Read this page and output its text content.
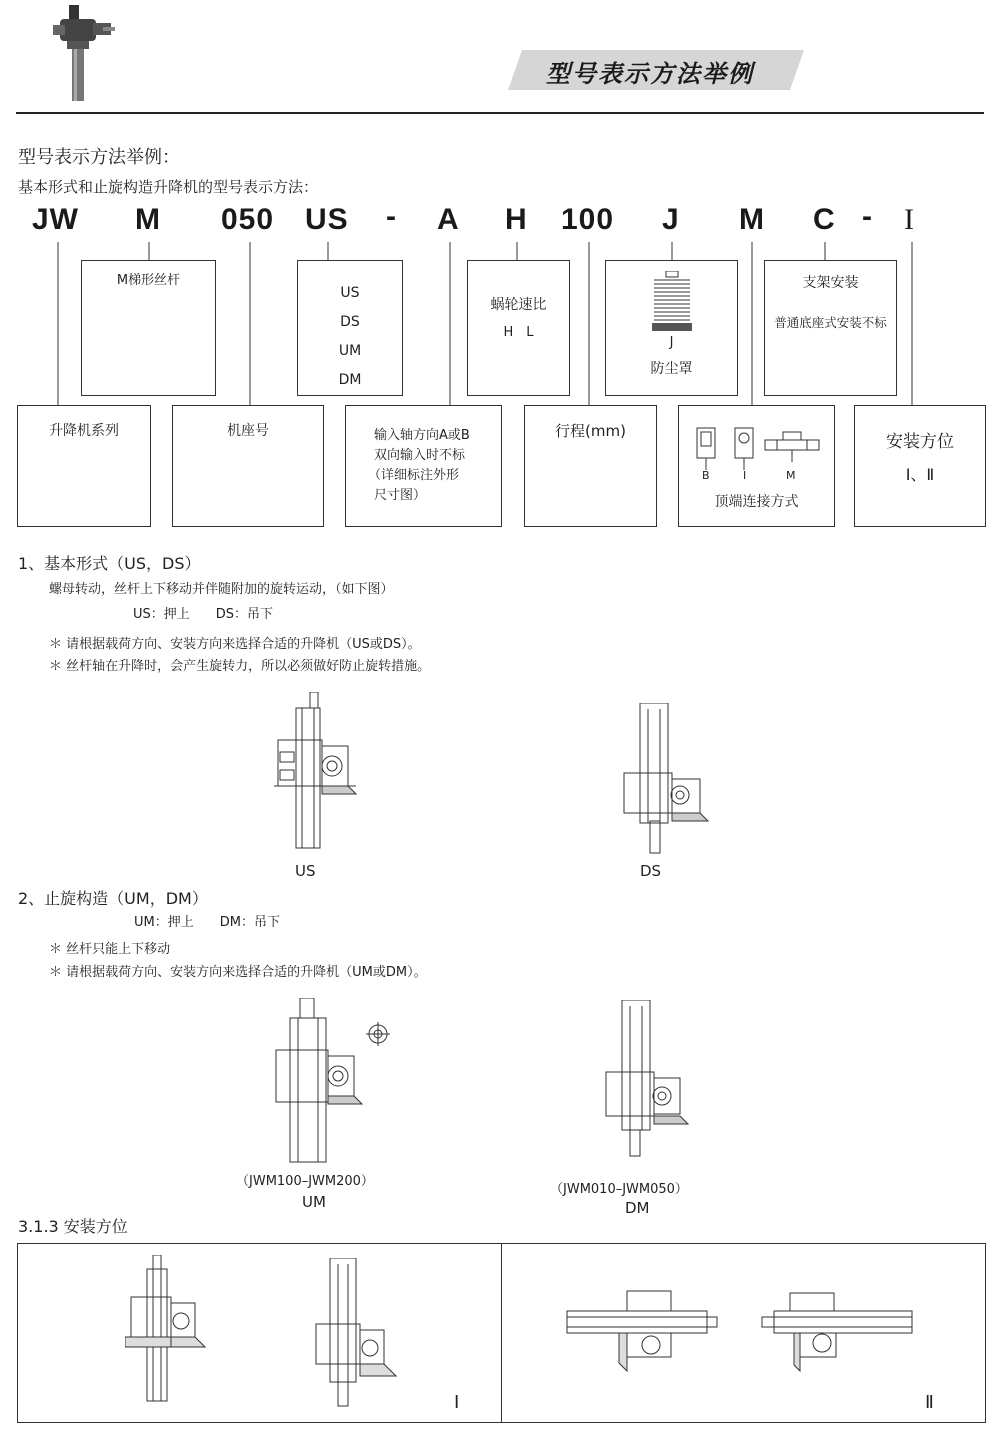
型号表示方法举例
型号表示方法举例：
基本形式和止旋构造升降机的型号表示方法：
JW M 050 US - A H 100 J M C - I
M梯形丝杆
US
DS
UM
DM
蜗轮速比
H　L
J
防尘罩
支架安装
普通底座式安装不标
升降机系列	机座号	输入轴方向A或B
双向输入时不标
（详细标注外形
尺寸图）
行程(mm)
B	I	M
顶端连接方式
安装方位
Ⅰ、Ⅱ
1、基本形式（US，DS）
螺母转动，丝杆上下移动并伴随附加的旋转运动，（如下图）
US：押上　　DS：吊下
＊ 请根据载荷方向、安装方向来选择合适的升降机（US或DS）。
＊ 丝杆轴在升降时，会产生旋转力，所以必须做好防止旋转措施。
US	DS
2、止旋构造（UM，DM）
UM：押上　　DM：吊下
＊ 丝杆只能上下移动
＊ 请根据载荷方向、安装方向来选择合适的升降机（UM或DM）。
（JWM100–JWM200）
UM
（JWM010–JWM050）
DM
3.1.3 安装方位
Ⅰ	Ⅱ
